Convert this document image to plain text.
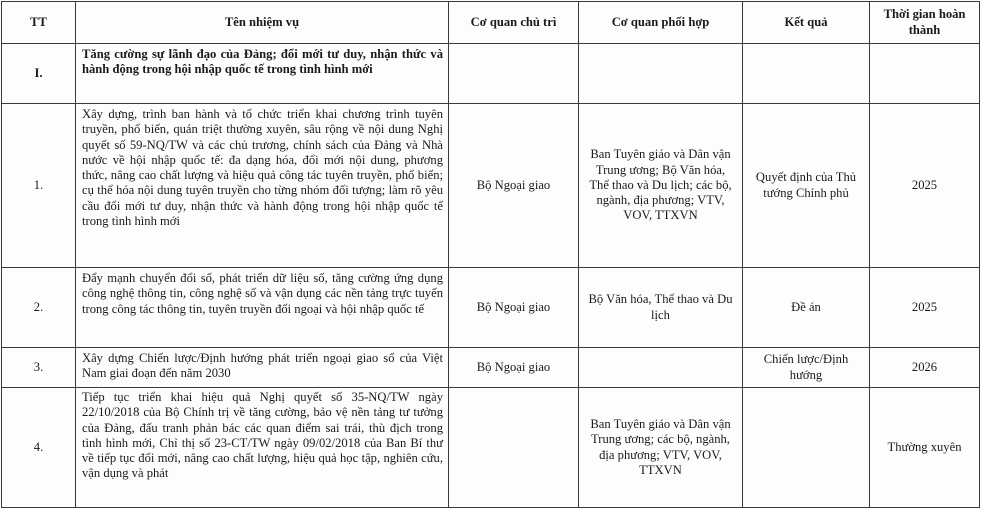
TT	Tên nhiệm vụ	Cơ quan chủ trì	Cơ quan phối hợp	Kết quả	Thời gian hoàn thành
I.	Tăng cường sự lãnh đạo của Đảng; đổi mới tư duy, nhận thức và hành động trong hội nhập quốc tế trong tình hình mới				
1.	Xây dựng, trình ban hành và tổ chức triển khai chương trình tuyên truyền, phổ biến, quán triệt thường xuyên, sâu rộng về nội dung Nghị quyết số 59-NQ/TW và các chủ trương, chính sách của Đảng và Nhà nước về hội nhập quốc tế: đa dạng hóa, đổi mới nội dung, phương thức, nâng cao chất lượng và hiệu quả công tác tuyên truyền, phổ biến; cụ thể hóa nội dung tuyên truyền cho từng nhóm đối tượng; làm rõ yêu cầu đổi mới tư duy, nhận thức và hành động trong hội nhập quốc tế trong tình hình mới	Bộ Ngoại giao	Ban Tuyên giáo và Dân vận Trung ương; Bộ Văn hóa, Thể thao và Du lịch; các bộ, ngành, địa phương; VTV, VOV, TTXVN	Quyết định của Thủ tướng Chính phủ	2025
2.	Đẩy mạnh chuyển đổi số, phát triển dữ liệu số, tăng cường ứng dụng công nghệ thông tin, công nghệ số và vận dụng các nền tảng trực tuyến trong công tác thông tin, tuyên truyền đối ngoại và hội nhập quốc tế	Bộ Ngoại giao	Bộ Văn hóa, Thể thao và Du lịch	Đề án	2025
3.	Xây dựng Chiến lược/Định hướng phát triển ngoại giao số của Việt Nam giai đoạn đến năm 2030	Bộ Ngoại giao		Chiến lược/Định hướng	2026
4.	Tiếp tục triển khai hiệu quả Nghị quyết số 35-NQ/TW ngày 22/10/2018 của Bộ Chính trị về tăng cường, bảo vệ nền tảng tư tưởng của Đảng, đấu tranh phản bác các quan điểm sai trái, thù địch trong tình hình mới, Chỉ thị số 23-CT/TW ngày 09/02/2018 của Ban Bí thư về tiếp tục đổi mới, nâng cao chất lượng, hiệu quả học tập, nghiên cứu, vận dụng và phát		Ban Tuyên giáo và Dân vận Trung ương; các bộ, ngành, địa phương; VTV, VOV, TTXVN		Thường xuyên
